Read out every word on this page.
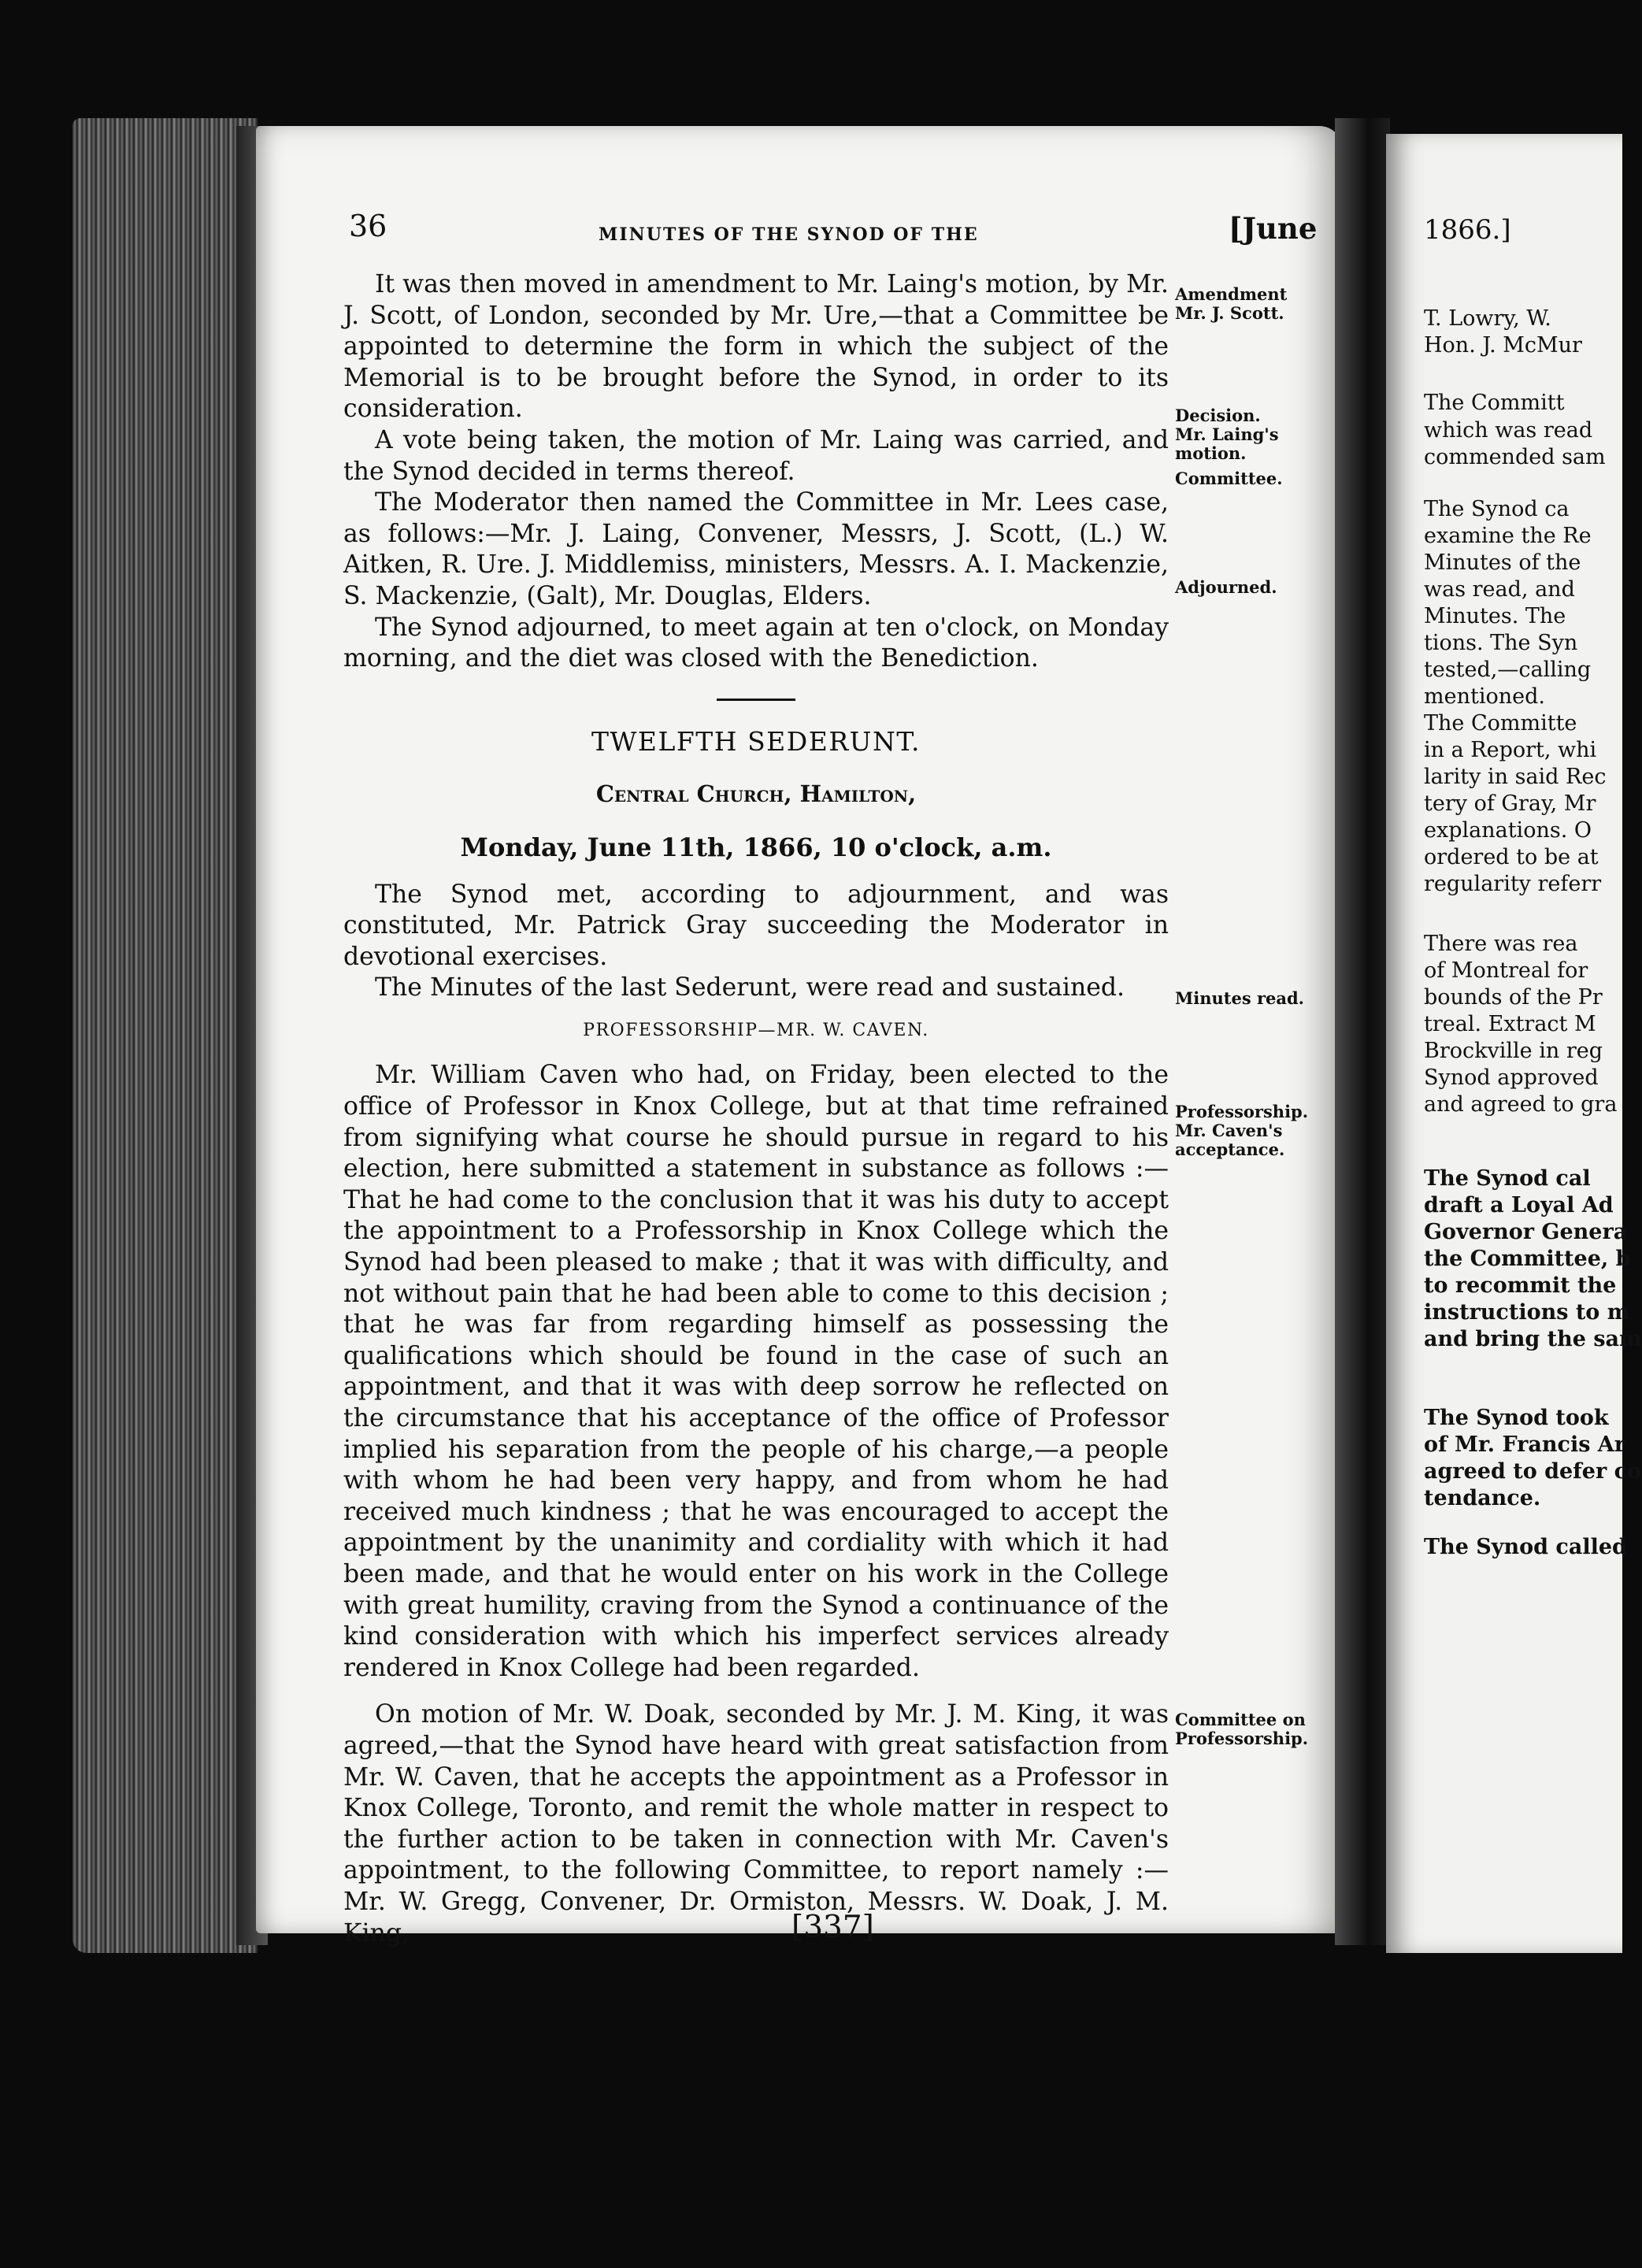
1866.]
T. Lowry, W.
Hon. J. McMur
The Committ
which was read
commended sam
The Synod ca
examine the Re
Minutes of the
was read, and
Minutes. The
tions. The Syn
tested,—calling
mentioned.
The Committe
in a Report, whi
larity in said Rec
tery of Gray, Mr
explanations. O
ordered to be at
regularity referr
There was rea
of Montreal for
bounds of the Pr
treal. Extract M
Brockville in reg
Synod approved
and agreed to gra
The Synod cal
draft a Loyal Ad
Governor Genera
the Committee, b
to recommit the
instructions to m
and bring the sam
The Synod took
of Mr. Francis Ar
agreed to defer co
tendance.
The Synod called
36	MINUTES OF THE SYNOD OF THE	[June

It was then moved in amendment to Mr. Laing's motion, by Mr. J. Scott, of London, seconded by Mr. Ure,—that a Committee be appointed to determine the form in which the subject of the Memorial is to be brought before the Synod, in order to its consideration.

A vote being taken, the motion of Mr. Laing was carried, and the Synod decided in terms thereof.

The Moderator then named the Committee in Mr. Lees case, as follows:—Mr. J. Laing, Convener, Messrs, J. Scott, (L.) W. Aitken, R. Ure. J. Middlemiss, ministers, Messrs. A. I. Mackenzie, S. Mackenzie, (Galt), Mr. Douglas, Elders.

The Synod adjourned, to meet again at ten o'clock, on Monday morning, and the diet was closed with the Benediction.

TWELFTH SEDERUNT.

Central Church, Hamilton,

Monday, June 11th, 1866, 10 o'clock, a.m.

The Synod met, according to adjournment, and was constituted, Mr. Patrick Gray succeeding the Moderator in devotional exercises.

The Minutes of the last Sederunt, were read and sustained.

PROFESSORSHIP—MR. W. CAVEN.

Mr. William Caven who had, on Friday, been elected to the office of Professor in Knox College, but at that time refrained from signifying what course he should pursue in regard to his election, here submitted a statement in substance as follows :—That he had come to the conclusion that it was his duty to accept the appointment to a Professorship in Knox College which the Synod had been pleased to make ; that it was with difficulty, and not without pain that he had been able to come to this decision ; that he was far from regarding himself as possessing the qualifications which should be found in the case of such an appointment, and that it was with deep sorrow he reflected on the circumstance that his acceptance of the office of Professor implied his separation from the people of his charge,—a people with whom he had been very happy, and from whom he had received much kindness ; that he was encouraged to accept the appointment by the unanimity and cordiality with which it had been made, and that he would enter on his work in the College with great humility, craving from the Synod a continuance of the kind consideration with which his imperfect services already rendered in Knox College had been regarded.

On motion of Mr. W. Doak, seconded by Mr. J. M. King, it was agreed,—that the Synod have heard with great satisfaction from Mr. W. Caven, that he accepts the appointment as a Professor in Knox College, Toronto, and remit the whole matter in respect to the further action to be taken in connection with Mr. Caven's appointment, to the following Committee, to report namely :—Mr. W. Gregg, Convener, Dr. Ormiston, Messrs. W. Doak, J. M. King,

Amendment
Mr. J. Scott.
Decision.
Mr. Laing's
motion.
Committee.
Adjourned.
Minutes read.
Professorship.
Mr. Caven's
acceptance.
Committee on
Professorship.
[337]
